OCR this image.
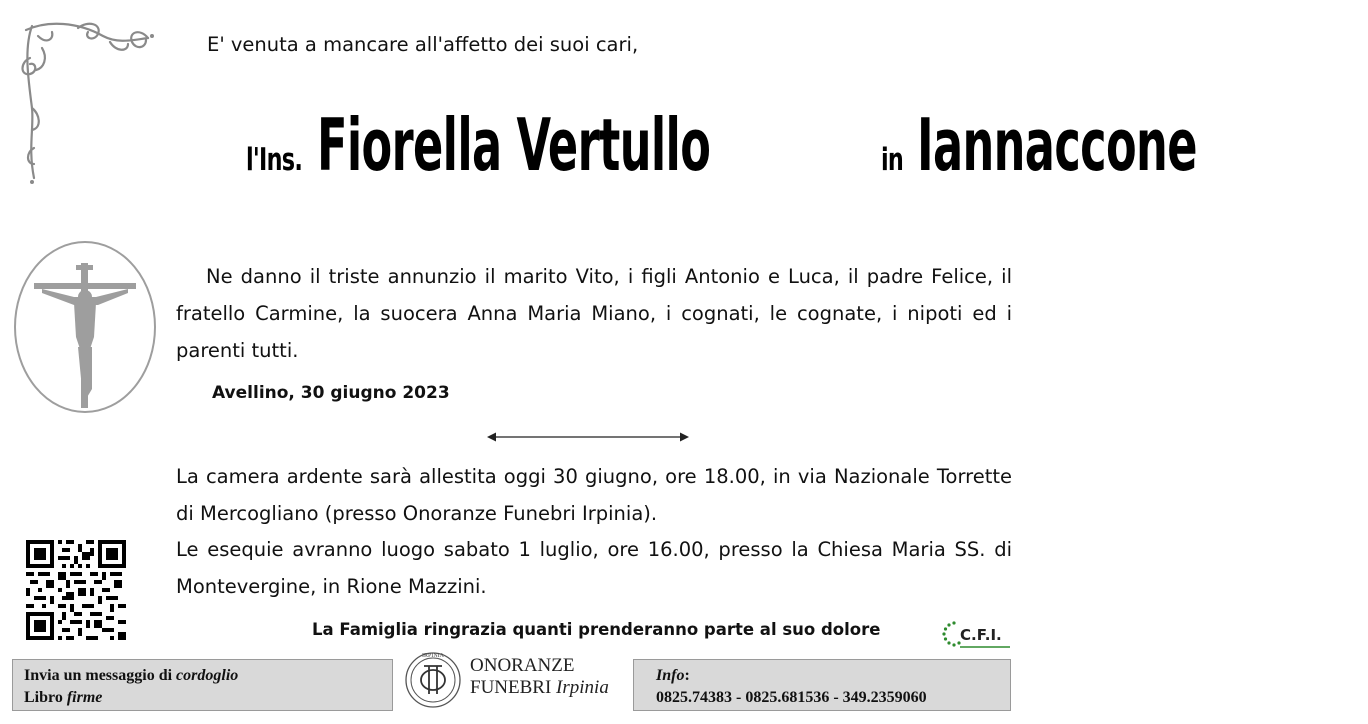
E' venuta a mancare all'affetto dei suoi cari,
l'Ins. Fiorella Vertullo	in Iannaccone
Ne danno il triste annunzio il marito Vito, i figli Antonio e Luca, il padre Felice, il fratello Carmine, la suocera Anna Maria Miano, i cognati, le cognate, i nipoti ed i parenti tutti.
Avellino, 30 giugno 2023
La camera ardente sarà allestita oggi 30 giugno, ore 18.00, in via Nazionale Torrette di Mercogliano (presso Onoranze Funebri Irpinia).
Le esequie avranno luogo sabato 1 luglio, ore 16.00, presso la Chiesa Maria SS. di Montevergine, in Rione Mazzini.
La Famiglia ringrazia quanti prenderanno parte al suo dolore	C.F.I.
Invia un messaggio di cordoglio
Libro firme
IRPINIA ONORANZE
FUNEBRI Irpinia
Info:
0825.74383 - 0825.681536 - 349.2359060
